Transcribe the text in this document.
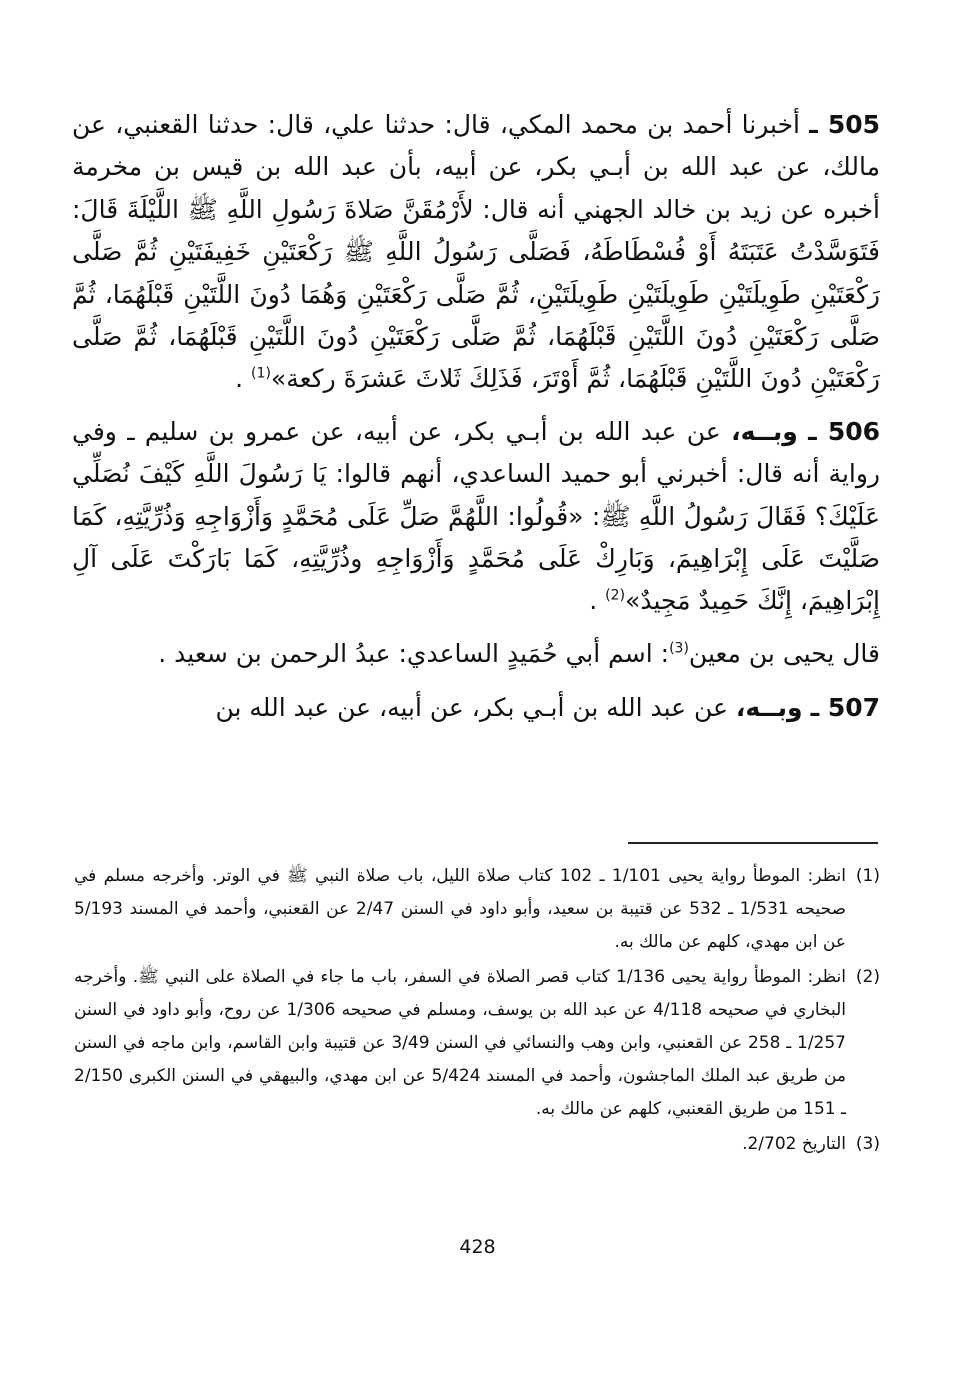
505 ـ أخبرنا أحمد بن محمد المكي، قال: حدثنا علي، قال: حدثنا القعنبي، عن مالك، عن عبد الله بن أبـي بكر، عن أبيه، بأن عبد الله بن قيس بن مخرمة أخبره عن زيد بن خالد الجهني أنه قال: لأَرْمُقَنَّ صَلاةَ رَسُولِ اللَّهِ ﷺ اللَّيْلَةَ قَالَ: فَتَوَسَّدْتُ عَتَبَتَهُ أَوْ فُسْطَاطَهُ، فَصَلَّى رَسُولُ اللَّهِ ﷺ رَكْعَتَيْنِ خَفِيفَتَيْنِ ثُمَّ صَلَّى رَكْعَتَيْنِ طَوِيلَتَيْنِ طَوِيلَتَيْنِ طَوِيلَتَيْنِ، ثُمَّ صَلَّى رَكْعَتَيْنِ وَهُمَا دُونَ اللَّتَيْنِ قَبْلَهُمَا، ثُمَّ صَلَّى رَكْعَتَيْنِ دُونَ اللَّتَيْنِ قَبْلَهُمَا، ثُمَّ صَلَّى رَكْعَتَيْنِ دُونَ اللَّتَيْنِ قَبْلَهُمَا، ثُمَّ صَلَّى رَكْعَتَيْنِ دُونَ اللَّتَيْنِ قَبْلَهُمَا، ثُمَّ أَوْتَرَ، فَذَلِكَ ثَلاثَ عَشرَةَ ركعة»$^{(1)}$ .

506 ـ وبــه، عن عبد الله بن أبـي بكر، عن أبيه، عن عمرو بن سليم ـ وفي رواية أنه قال: أخبرني أبو حميد الساعدي، أنهم قالوا: يَا رَسُولَ اللَّهِ كَيْفَ نُصَلِّي عَلَيْكَ؟ فَقَالَ رَسُولُ اللَّهِ ﷺ: «قُولُوا: اللَّهُمَّ صَلِّ عَلَى مُحَمَّدٍ وَأَزْوَاجِهِ وَذُرِّيَّتِهِ، كَمَا صَلَّيْتَ عَلَى إِبْرَاهِيمَ، وَبَارِكْ عَلَى مُحَمَّدٍ وَأَزْوَاجِهِ وذُرِّيَّتِهِ، كَمَا بَارَكْتَ عَلَى آلِ إِبْرَاهِيمَ، إِنَّكَ حَمِيدٌ مَجِيدٌ»$^{(2)}$ .

قال يحيى بن معين$^{(3)}$: اسم أبي حُمَيدٍ الساعدي: عبدُ الرحمن بن سعيد .

507 ـ وبــه، عن عبد الله بن أبـي بكر، عن أبيه، عن عبد الله بن

(1)
انظر: الموطأ رواية يحيى 1/101 ـ 102 كتاب صلاة الليل، باب صلاة النبي ﷺ في الوتر. وأخرجه مسلم في صحيحه 1/531 ـ 532 عن قتيبة بن سعيد، وأبو داود في السنن 2/47 عن القعنبي، وأحمد في المسند 5/193 عن ابن مهدي، كلهم عن مالك به.
(2)
انظر: الموطأ رواية يحيى 1/136 كتاب قصر الصلاة في السفر، باب ما جاء في الصلاة على النبي ﷺ. وأخرجه البخاري في صحيحه 4/118 عن عبد الله بن يوسف، ومسلم في صحيحه 1/306 عن روح، وأبو داود في السنن 1/257 ـ 258 عن القعنبي، وابن وهب والنسائي في السنن 3/49 عن قتيبة وابن القاسم، وابن ماجه في السنن من طريق عبد الملك الماجشون، وأحمد في المسند 5/424 عن ابن مهدي، والبيهقي في السنن الكبرى 2/150 ـ 151 من طريق القعنبي، كلهم عن مالك به.
(3)
التاريخ 2/702.
428
